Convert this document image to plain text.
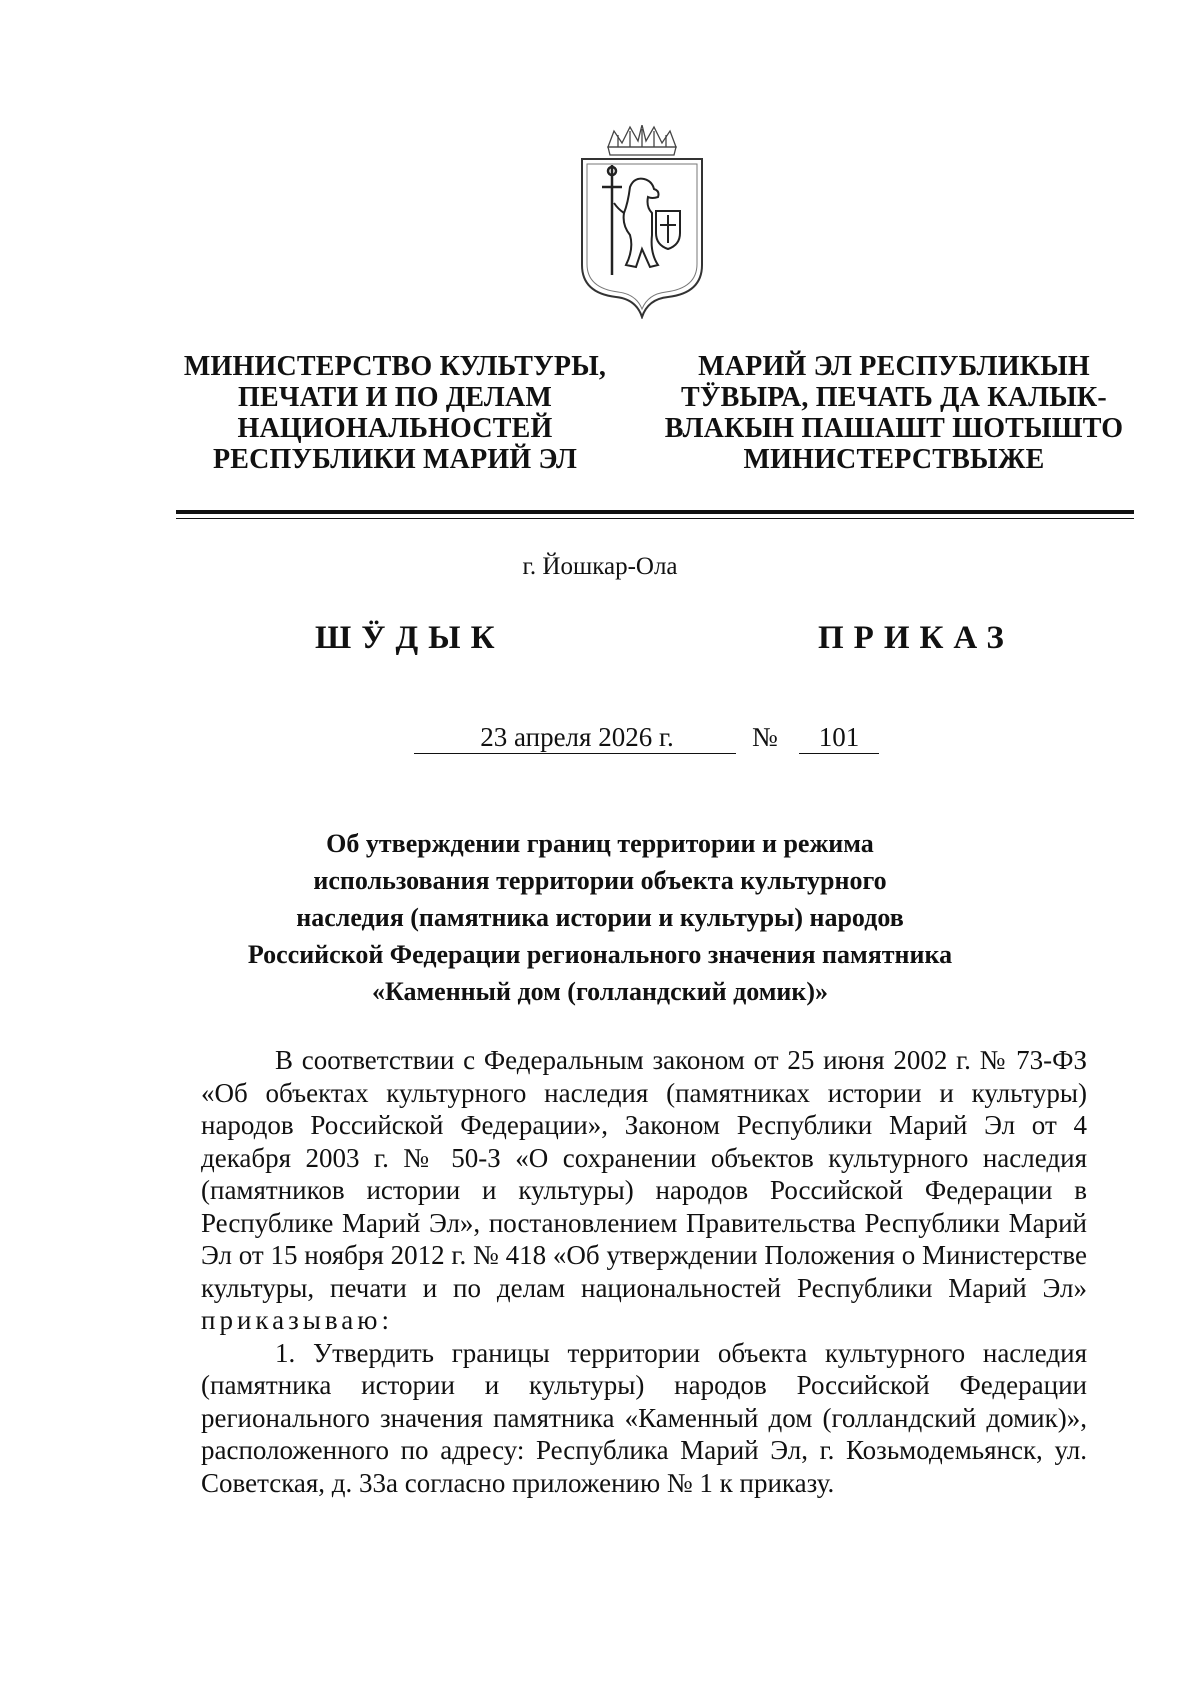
МИНИСТЕРСТВО КУЛЬТУРЫ,
ПЕЧАТИ И ПО ДЕЛАМ
НАЦИОНАЛЬНОСТЕЙ
РЕСПУБЛИКИ МАРИЙ ЭЛ
МАРИЙ ЭЛ РЕСПУБЛИКЫН
ТӰВЫРА, ПЕЧАТЬ ДА КАЛЫК-
ВЛАКЫН ПАШАШТ ШОТЫШТО
МИНИСТЕРСТВЫЖЕ
г. Йошкар-Ола
ШӰДЫК	ПРИКАЗ
23 апреля 2026 г.	№	101
Об утверждении границ территории и режима
использования территории объекта культурного
наследия (памятника истории и культуры) народов
Российской Федерации регионального значения памятника
«Каменный дом (голландский домик)»

В соответствии с Федеральным законом от 25 июня 2002 г. № 73-ФЗ «Об объектах культурного наследия (памятниках истории и культуры) народов Российской Федерации», Законом Республики Марий Эл от 4 декабря 2003 г. № 50-З «О сохранении объектов культурного наследия (памятников истории и культуры) народов Российской Федерации в Республике Марий Эл», постановлением Правительства Республики Марий Эл от 15 ноября 2012 г. № 418 «Об утверждении Положения о Министерстве культуры, печати и по делам национальностей Республики Марий Эл» приказываю:

1. Утвердить границы территории объекта культурного наследия (памятника истории и культуры) народов Российской Федерации регионального значения памятника «Каменный дом (голландский домик)», расположенного по адресу: Республика Марий Эл, г. Козьмодемьянск, ул. Советская, д. 33а согласно приложению № 1 к приказу.
